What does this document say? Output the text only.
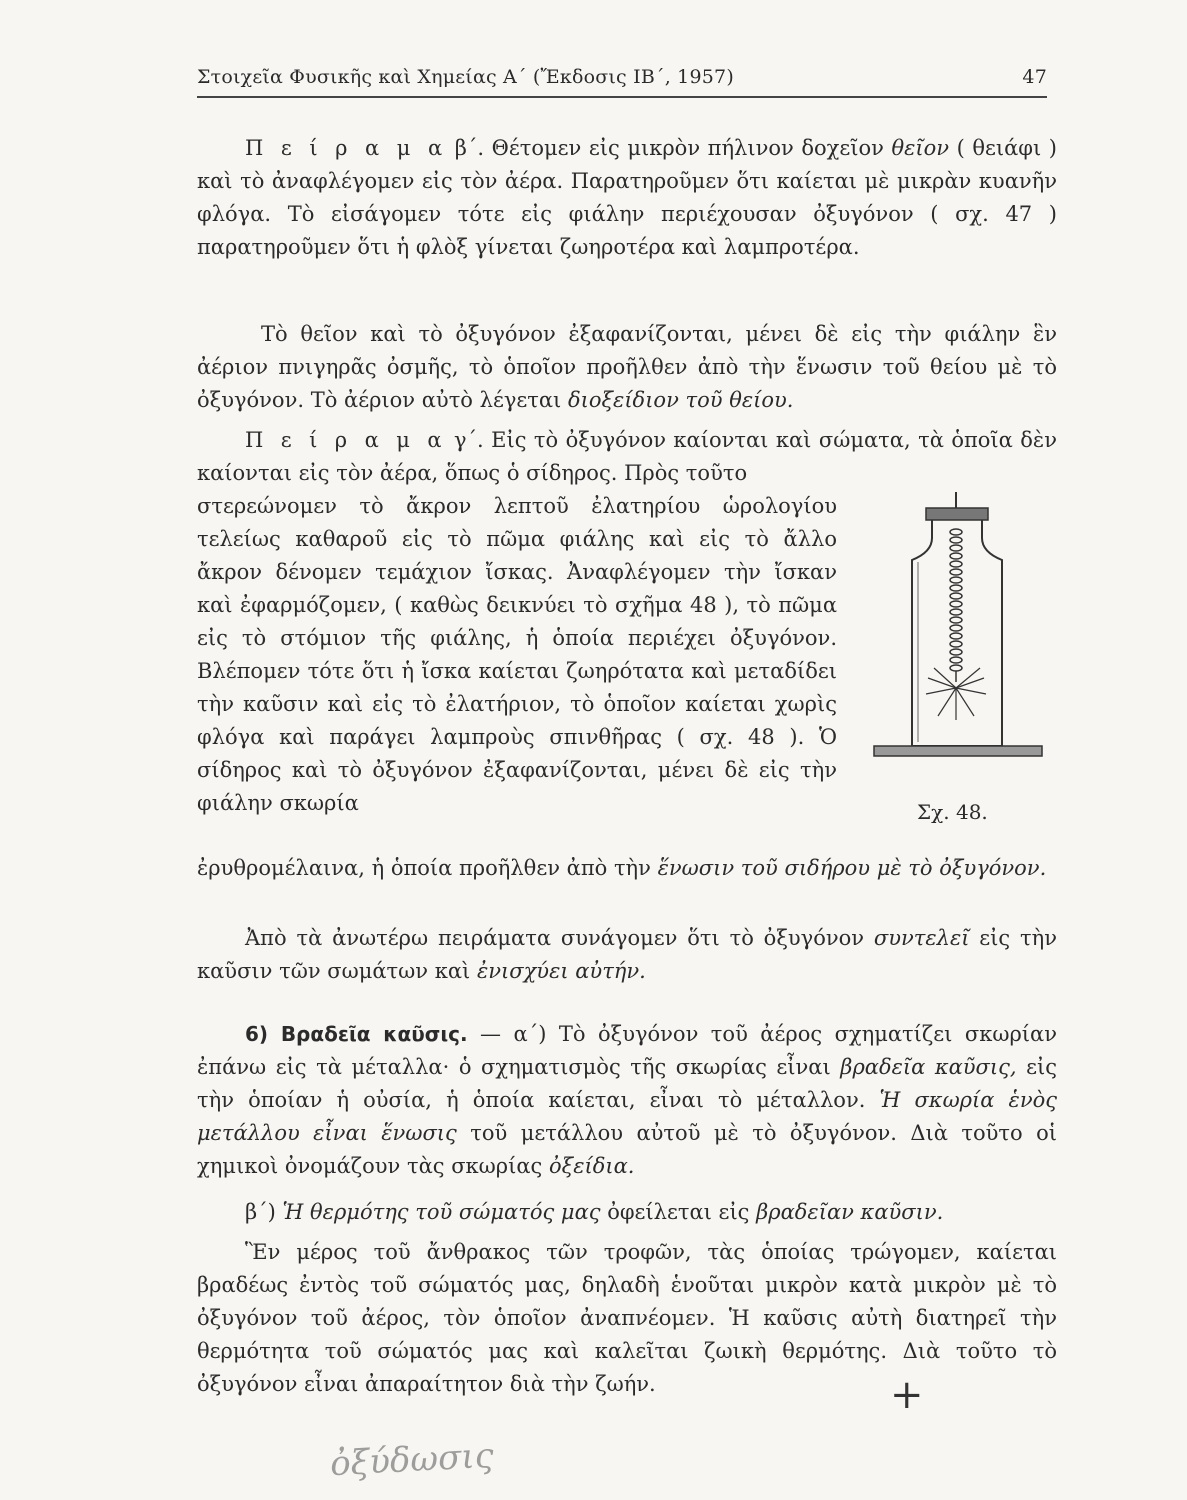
Στοιχεῖα Φυσικῆς καὶ Χημείας Α΄ (Ἔκδοσις ΙΒ΄, 1957)	47

Π ε ί ρ α μ α β΄. Θέτομεν εἰς μικρὸν πήλινον δοχεῖον θεῖον ( θειάφι ) καὶ τὸ ἀναφλέγομεν εἰς τὸν ἀέρα. Παρατηροῦμεν ὅτι καίεται μὲ μικρὰν κυανῆν φλόγα. Τὸ εἰσάγομεν τότε εἰς φιάλην περιέχουσαν ὀξυγόνον ( σχ. 47 ) παρατηροῦμεν ὅτι ἡ φλὸξ γίνεται ζωηροτέρα καὶ λαμπροτέρα.

Τὸ θεῖον καὶ τὸ ὀξυγόνον ἐξαφανίζονται, μένει δὲ εἰς τὴν φιάλην ἓν ἀέριον πνιγηρᾶς ὀσμῆς, τὸ ὁποῖον προῆλθεν ἀπὸ τὴν ἕνωσιν τοῦ θείου μὲ τὸ ὀξυγόνον. Τὸ ἀέριον αὐτὸ λέγεται διοξείδιον τοῦ θείου.

Π ε ί ρ α μ α γ΄. Εἰς τὸ ὀξυγόνον καίονται καὶ σώματα, τὰ ὁποῖα δὲν καίονται εἰς τὸν ἀέρα, ὅπως ὁ σίδηρος. Πρὸς τοῦτο

στερεώνομεν τὸ ἄκρον λεπτοῦ ἐλατηρίου ὡρολογίου τελείως καθαροῦ εἰς τὸ πῶμα φιάλης καὶ εἰς τὸ ἄλλο ἄκρον δένομεν τεμάχιον ἴσκας. Ἀναφλέγομεν τὴν ἴσκαν καὶ ἐφαρμόζομεν, ( καθὼς δεικνύει τὸ σχῆμα 48 ), τὸ πῶμα εἰς τὸ στόμιον τῆς φιάλης, ἡ ὁποία περιέχει ὀξυγόνον. Βλέπομεν τότε ὅτι ἡ ἴσκα καίεται ζωηρότατα καὶ μεταδίδει τὴν καῦσιν καὶ εἰς τὸ ἐλατήριον, τὸ ὁποῖον καίεται χωρὶς φλόγα καὶ παράγει λαμπροὺς σπινθῆρας ( σχ. 48 ). Ὁ σίδηρος καὶ τὸ ὀξυγόνον ἐξαφανίζονται, μένει δὲ εἰς τὴν φιάλην σκωρία

ἐρυθρομέλαινα, ἡ ὁποία προῆλθεν ἀπὸ τὴν ἕνωσιν τοῦ σιδήρου μὲ τὸ ὀξυγόνον.

Ἀπὸ τὰ ἀνωτέρω πειράματα συνάγομεν ὅτι τὸ ὀξυγόνον συντελεῖ εἰς τὴν καῦσιν τῶν σωμάτων καὶ ἐνισχύει αὐτήν.

6) Βραδεῖα καῦσις. — α΄) Τὸ ὀξυγόνον τοῦ ἀέρος σχηματίζει σκωρίαν ἐπάνω εἰς τὰ μέταλλα· ὁ σχηματισμὸς τῆς σκωρίας εἶναι βραδεῖα καῦσις, εἰς τὴν ὁποίαν ἡ οὐσία, ἡ ὁποία καίεται, εἶναι τὸ μέταλλον. Ἡ σκωρία ἑνὸς μετάλλου εἶναι ἕνωσις τοῦ μετάλλου αὐτοῦ μὲ τὸ ὀξυγόνον. Διὰ τοῦτο οἱ χημικοὶ ὀνομάζουν τὰς σκωρίας ὀξείδια.

β΄) Ἡ θερμότης τοῦ σώματός μας ὀφείλεται εἰς βραδεῖαν καῦσιν.

Ἓν μέρος τοῦ ἄνθρακος τῶν τροφῶν, τὰς ὁποίας τρώγομεν, καίεται βραδέως ἐντὸς τοῦ σώματός μας, δηλαδὴ ἑνοῦται μικρὸν κατὰ μικρὸν μὲ τὸ ὀξυγόνον τοῦ ἀέρος, τὸν ὁποῖον ἀναπνέομεν. Ἡ καῦσις αὐτὴ διατηρεῖ τὴν θερμότητα τοῦ σώματός μας καὶ καλεῖται ζωικὴ θερμότης. Διὰ τοῦτο τὸ ὀξυγόνον εἶναι ἀπαραίτητον διὰ τὴν ζωήν.

Σχ. 48.
+
ὀξύδωσις
